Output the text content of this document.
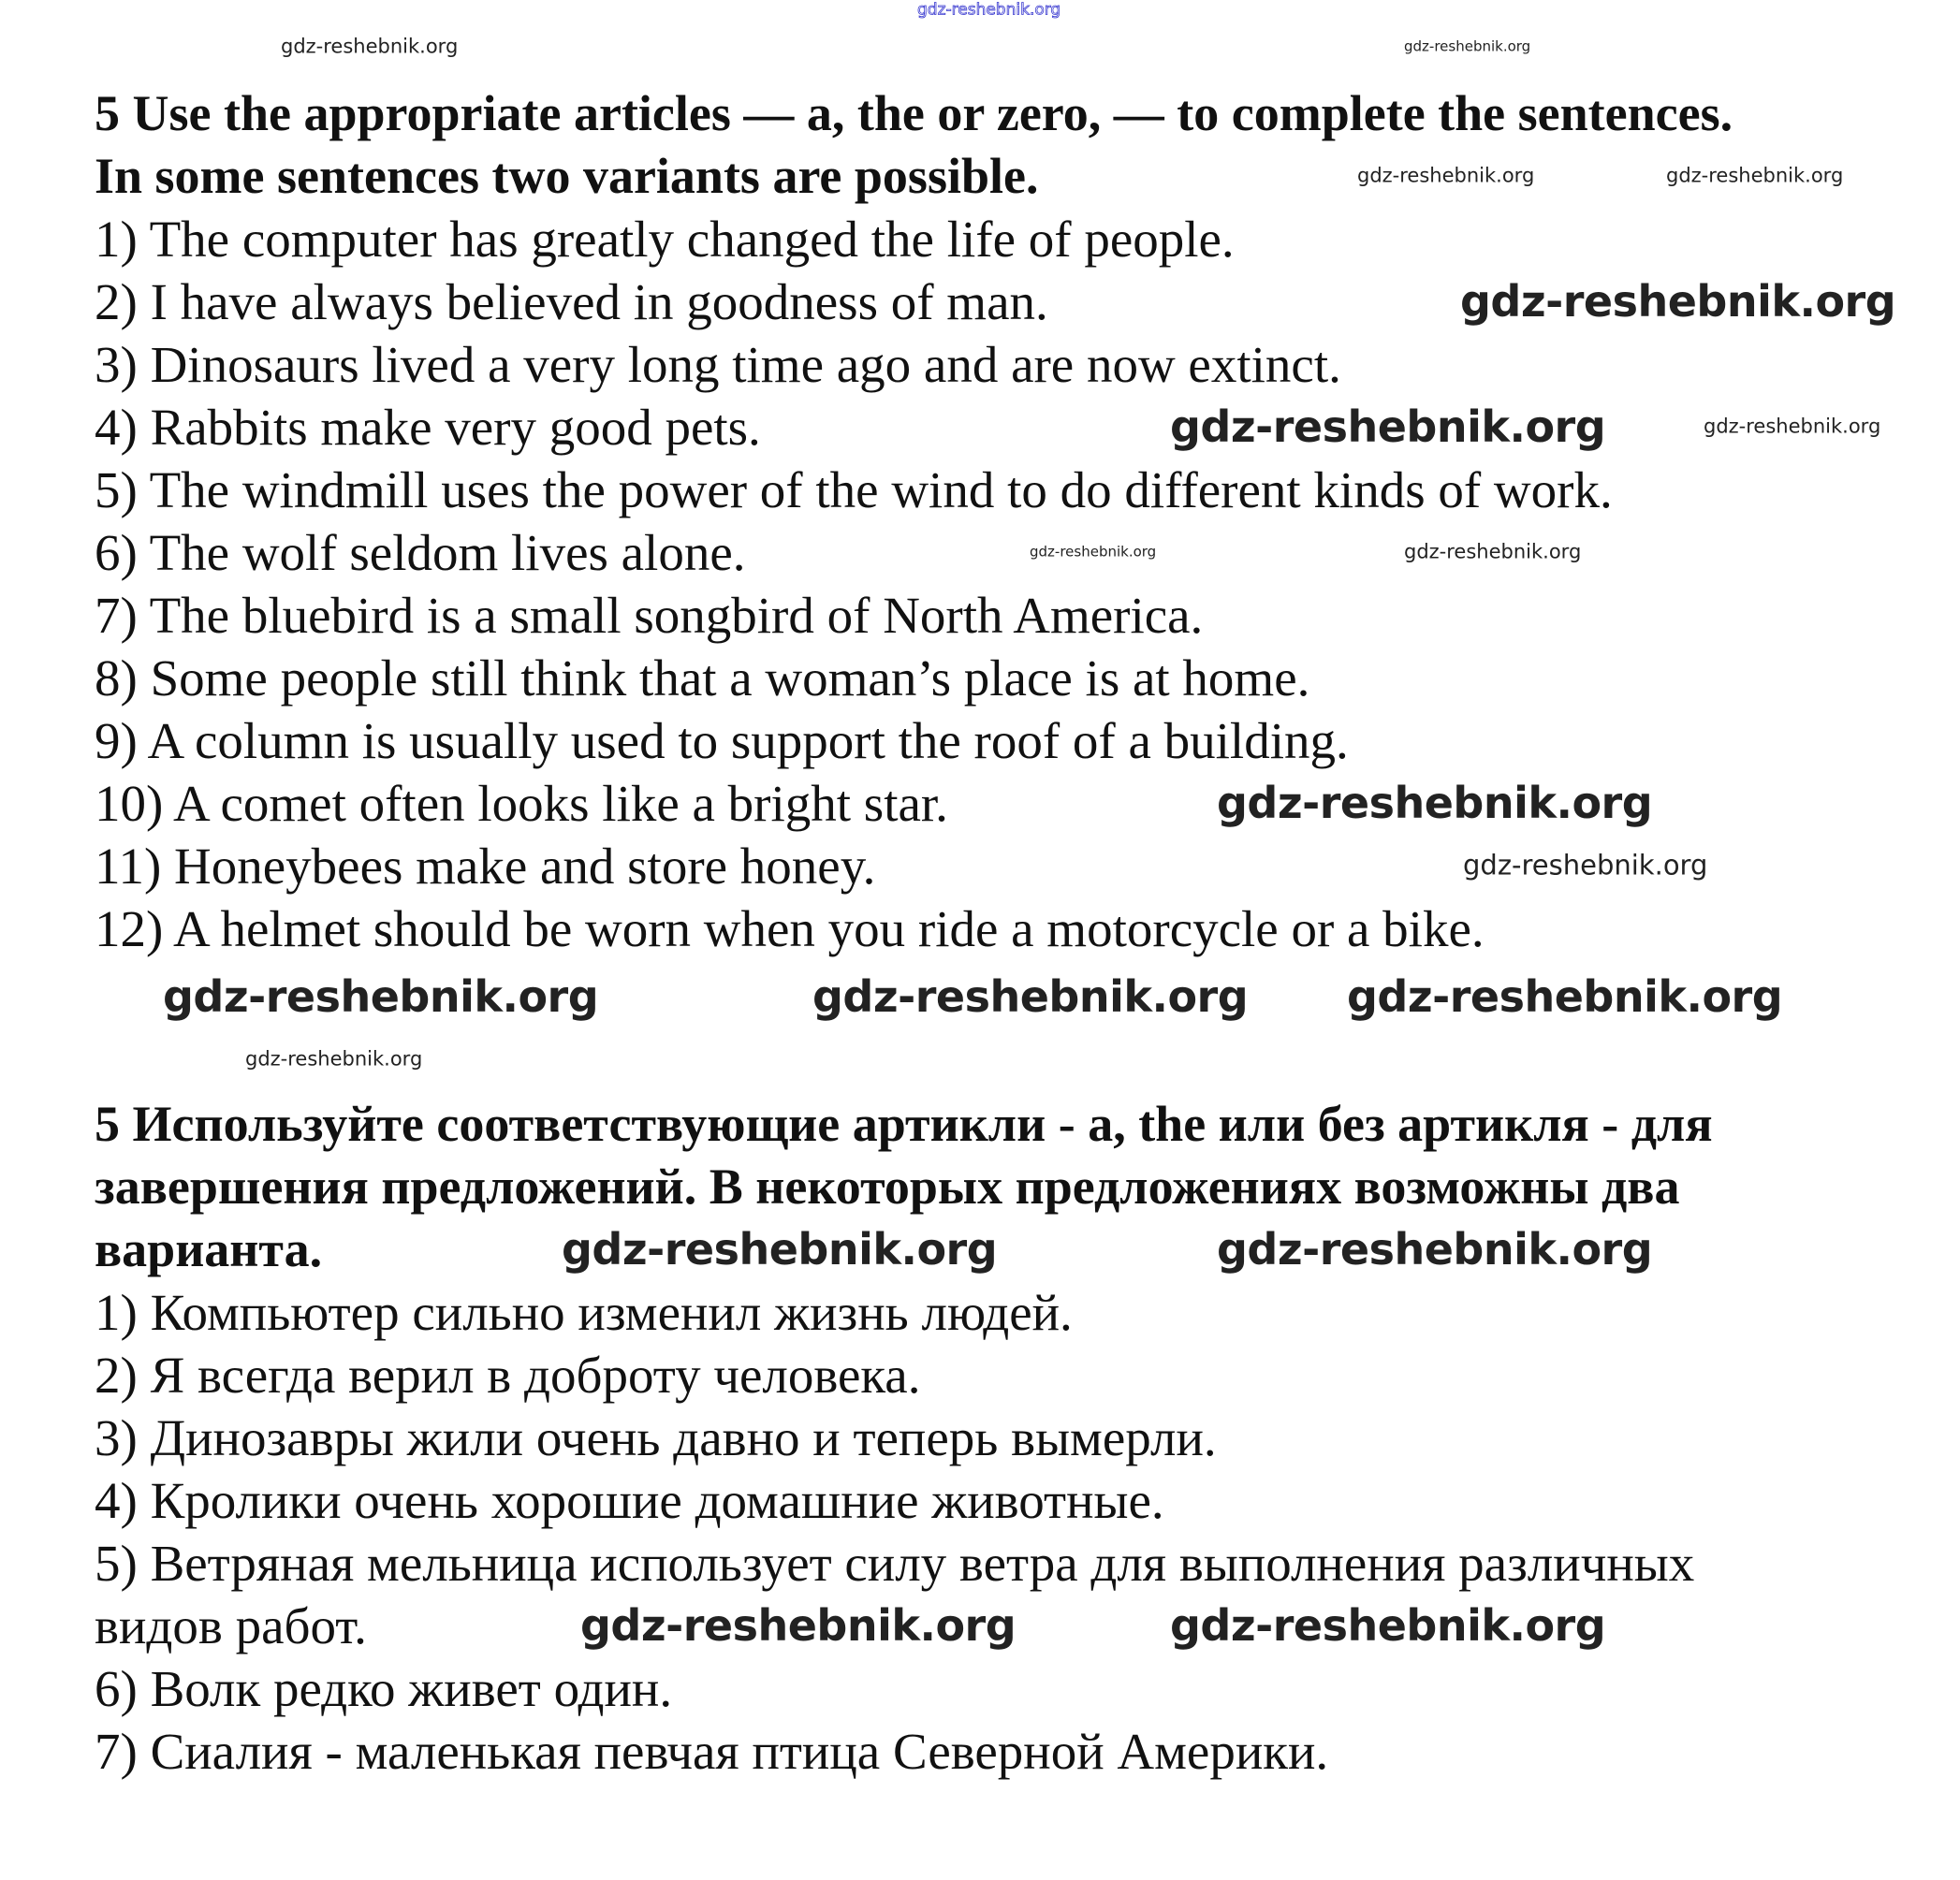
5 Use the appropriate articles — a, the or zero, — to complete the sentences.
In some sentences two variants are possible.
1) The computer has greatly changed the life of people.
2) I have always believed in goodness of man.
3) Dinosaurs lived a very long time ago and are now extinct.
4) Rabbits make very good pets.
5) The windmill uses the power of the wind to do different kinds of work.
6) The wolf seldom lives alone.
7) The bluebird is a small songbird of North America.
8) Some people still think that a woman’s place is at home.
9) A column is usually used to support the roof of a building.
10) A comet often looks like a bright star.
11) Honeybees make and store honey.
12) A helmet should be worn when you ride a motorcycle or a bike.
5 Используйте соответствующие артикли - a, the или без артикля - для
завершения предложений. В некоторых предложениях возможны два
варианта.
1) Компьютер сильно изменил жизнь людей.
2) Я всегда верил в доброту человека.
3) Динозавры жили очень давно и теперь вымерли.
4) Кролики очень хорошие домашние животные.
5) Ветряная мельница использует силу ветра для выполнения различных
видов работ.
6) Волк редко живет один.
7) Сиалия - маленькая певчая птица Северной Америки.
gdz-reshebnik.org
gdz-reshebnik.org	gdz-reshebnik.org
gdz-reshebnik.org	gdz-reshebnik.org
gdz-reshebnik.org
gdz-reshebnik.org	gdz-reshebnik.org
gdz-reshebnik.org	gdz-reshebnik.org
gdz-reshebnik.org
gdz-reshebnik.org
gdz-reshebnik.org	gdz-reshebnik.org
gdz-reshebnik.org
gdz-reshebnik.org
gdz-reshebnik.org	gdz-reshebnik.org
gdz-reshebnik.org	gdz-reshebnik.org
